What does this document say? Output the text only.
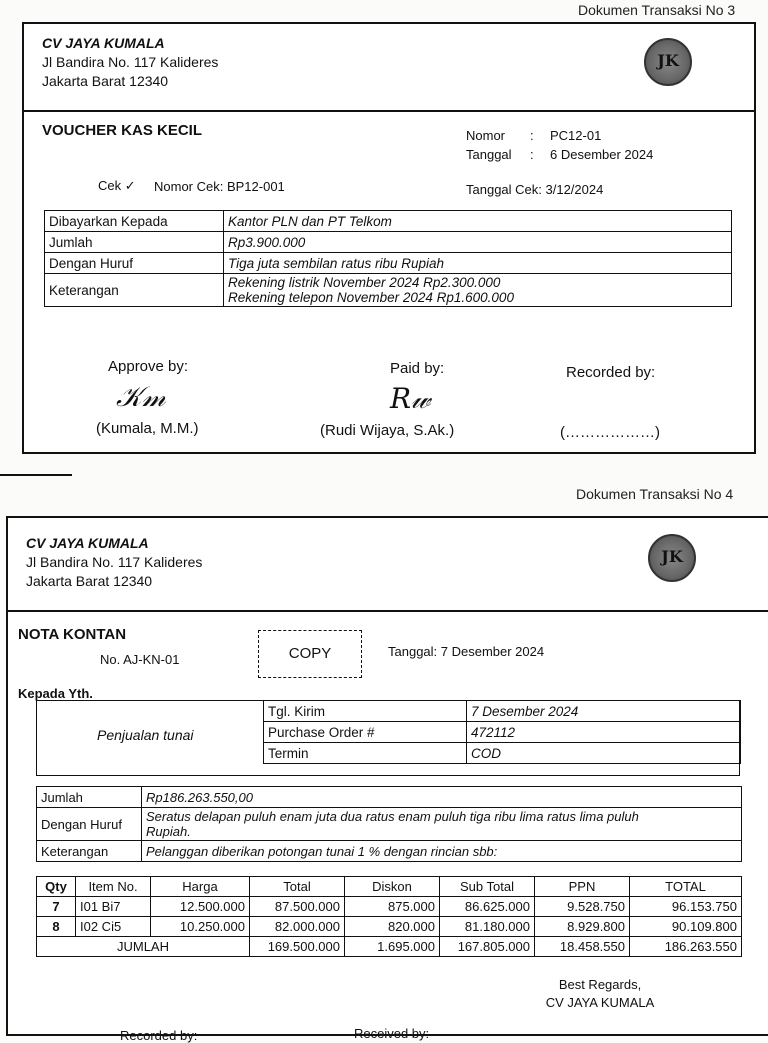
Dokumen Transaksi No 3
CV JAYA KUMALA
Jl Bandira No. 117 Kalideres
Jakarta Barat 12340
JK
VOUCHER KAS KECIL	Nomor : PC12-01
Tanggal : 6 Desember 2024
Cek ✓ Nomor Cek: BP12-001	Tanggal Cek: 3/12/2024
Dibayarkan Kepada	Kantor PLN dan PT Telkom
Jumlah	Rp3.900.000
Dengan Huruf	Tiga juta sembilan ratus ribu Rupiah
Keterangan	Rekening listrik November 2024 Rp2.300.000
Rekening telepon November 2024 Rp1.600.000
Approve by:
𝒦𝓂
(Kumala, M.M.)
Paid by:
𝑅𝓌
(Rudi Wijaya, S.Ak.)
Recorded by:
(………………)
Dokumen Transaksi No 4
CV JAYA KUMALA
Jl Bandira No. 117 Kalideres
Jakarta Barat 12340
JK
NOTA KONTAN
No. AJ-KN-01	COPY	Tanggal: 7 Desember 2024
Kepada Yth.
Penjualan tunai
Tgl. Kirim	7 Desember 2024
Purchase Order #	472112
Termin	COD
Jumlah	Rp186.263.550,00
Dengan Huruf	Seratus delapan puluh enam juta dua ratus enam puluh tiga ribu lima ratus lima puluh
Rupiah.

Keterangan	Pelanggan diberikan potongan tunai 1 % dengan rincian sbb:
Qty	Item No.	Harga	Total	Diskon	Sub Total	PPN	TOTAL
7	I01 Bi7	12.500.000	87.500.000	875.000	86.625.000	9.528.750	96.153.750
8	I02 Ci5	10.250.000	82.000.000	820.000	81.180.000	8.929.800	90.109.800
JUMLAH			169.500.000	1.695.000	167.805.000	18.458.550	186.263.550
Recorded by:	Received by:
Best Regards,
CV JAYA KUMALA
